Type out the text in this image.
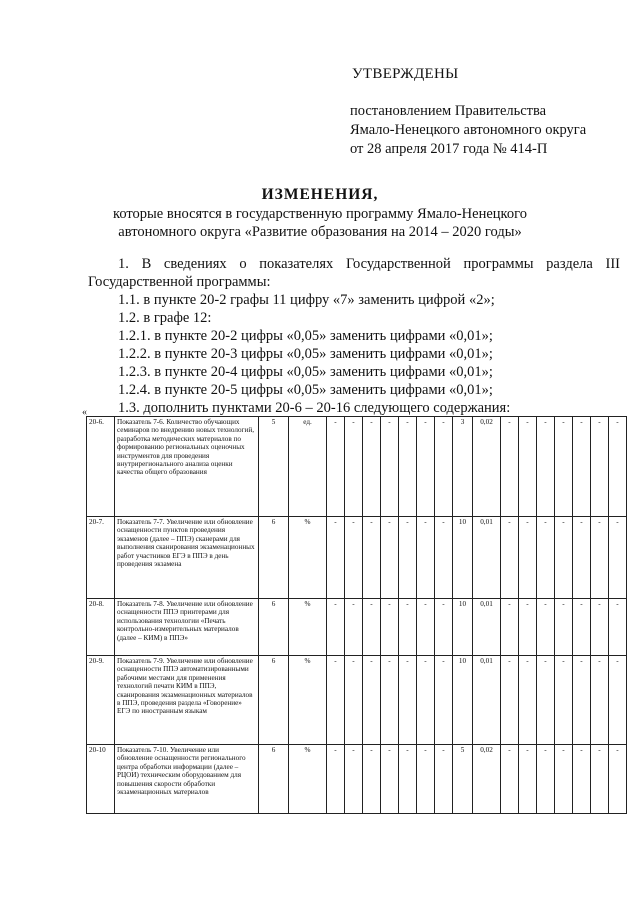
УТВЕРЖДЕНЫ
постановлением Правительства
Ямало-Ненецкого автономного округа
от 28 апреля 2017 года № 414-П
ИЗМЕНЕНИЯ,
которые вносятся в государственную программу Ямало-Ненецкого
автономного округа «Развитие образования на 2014 – 2020 годы»

1. В сведениях о показателях Государственной программы раздела III

Государственной программы:

1.1. в пункте 20-2 графы 11 цифру «7» заменить цифрой «2»;

1.2. в графе 12:

1.2.1. в пункте 20-2 цифры «0,05» заменить цифрами «0,01»;

1.2.2. в пункте 20-3 цифры «0,05» заменить цифрами «0,01»;

1.2.3. в пункте 20-4 цифры «0,05» заменить цифрами «0,01»;

1.2.4. в пункте 20-5 цифры «0,05» заменить цифрами «0,01»;

1.3. дополнить пунктами 20-6 – 20-16 следующего содержания:

«
20-6.	Показатель 7-6. Количество обучающих семинаров по внедрению новых технологий, разработка методических материалов по формированию региональных оценочных инструментов для проведения внутрирегионального анализа оценки качества общего образования	5	ед.	-	-	-	-	-	-	-	3	0,02	-	-	-	-	-	-	-
20-7.	Показатель 7-7. Увеличение или обновление оснащенности пунктов проведения экзаменов (далее – ППЭ) сканерами для выполнения сканирования экзаменационных работ участников ЕГЭ в ППЭ в день проведения экзамена	6	%	-	-	-	-	-	-	-	10	0,01	-	-	-	-	-	-	-
20-8.	Показатель 7-8. Увеличение или обновление оснащенности ППЭ принтерами для использования технологии «Печать контрольно-измерительных материалов (далее – КИМ) в ППЭ»	6	%	-	-	-	-	-	-	-	10	0,01	-	-	-	-	-	-	-
20-9.	Показатель 7-9. Увеличение или обновление оснащенности ППЭ автоматизированными рабочими местами для применения технологий печати КИМ в ППЭ, сканирования экзаменационных материалов в ППЭ, проведения раздела «Говорение» ЕГЭ по иностранным языкам	6	%	-	-	-	-	-	-	-	10	0,01	-	-	-	-	-	-	-
20-10	Показатель 7-10. Увеличение или обновление оснащенности регионального центра обработки информации (далее – РЦОИ) техническим оборудованием для повышения скорости обработки экзаменационных материалов	6	%	-	-	-	-	-	-	-	5	0,02	-	-	-	-	-	-	-
